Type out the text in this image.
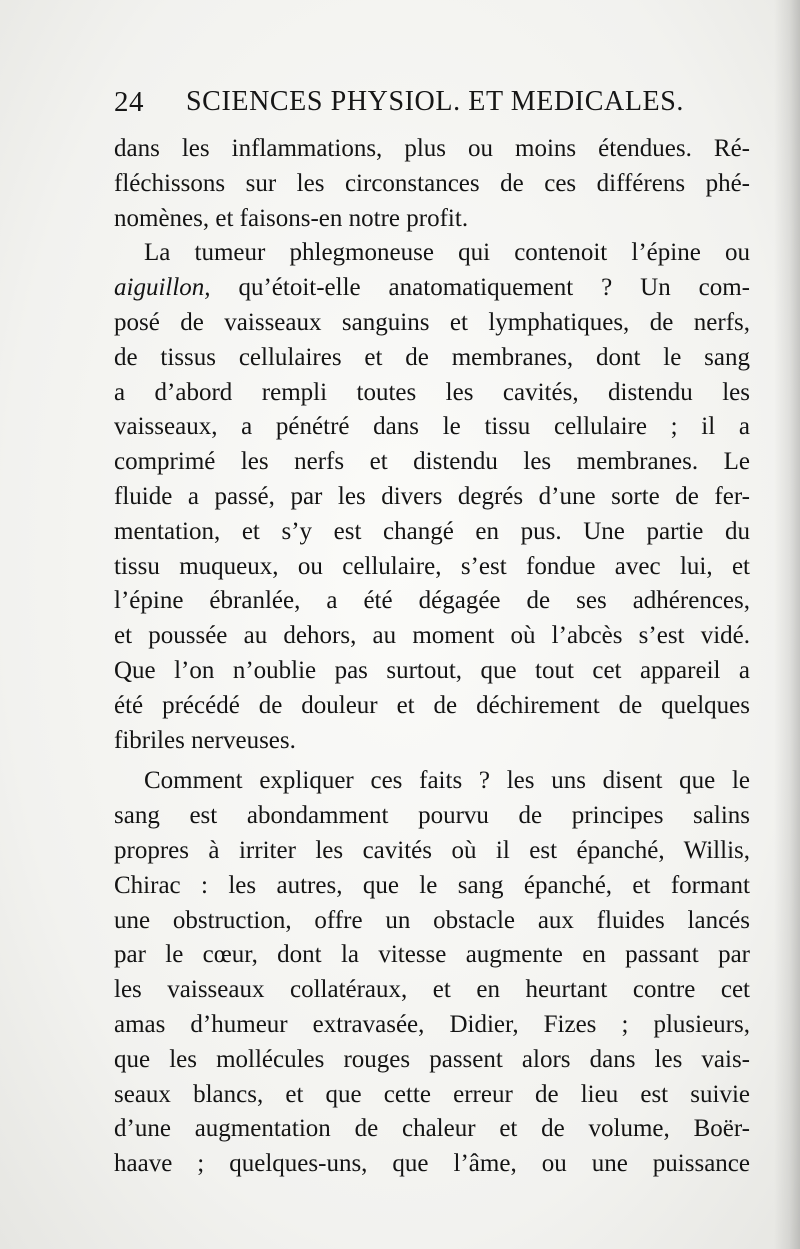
24 SCIENCES PHYSIOL. ET MEDICALES.
dans les inflammations, plus ou moins étendues. Ré-
fléchissons sur les circonstances de ces différens phé-
nomènes, et faisons-en notre profit.
La tumeur phlegmoneuse qui contenoit l’épine ou
aiguillon, qu’étoit-elle anatomatiquement ? Un com-
posé de vaisseaux sanguins et lymphatiques, de nerfs,
de tissus cellulaires et de membranes, dont le sang
a d’abord rempli toutes les cavités, distendu les
vaisseaux, a pénétré dans le tissu cellulaire ; il a
comprimé les nerfs et distendu les membranes. Le
fluide a passé, par les divers degrés d’une sorte de fer-
mentation, et s’y est changé en pus. Une partie du
tissu muqueux, ou cellulaire, s’est fondue avec lui, et
l’épine ébranlée, a été dégagée de ses adhérences,
et poussée au dehors, au moment où l’abcès s’est vidé.
Que l’on n’oublie pas surtout, que tout cet appareil a
été précédé de douleur et de déchirement de quelques
fibriles nerveuses.
Comment expliquer ces faits ? les uns disent que le
sang est abondamment pourvu de principes salins
propres à irriter les cavités où il est épanché, Willis,
Chirac : les autres, que le sang épanché, et formant
une obstruction, offre un obstacle aux fluides lancés
par le cœur, dont la vitesse augmente en passant par
les vaisseaux collatéraux, et en heurtant contre cet
amas d’humeur extravasée, Didier, Fizes ; plusieurs,
que les mollécules rouges passent alors dans les vais-
seaux blancs, et que cette erreur de lieu est suivie
d’une augmentation de chaleur et de volume, Boër-
haave ; quelques-uns, que l’âme, ou une puissance
